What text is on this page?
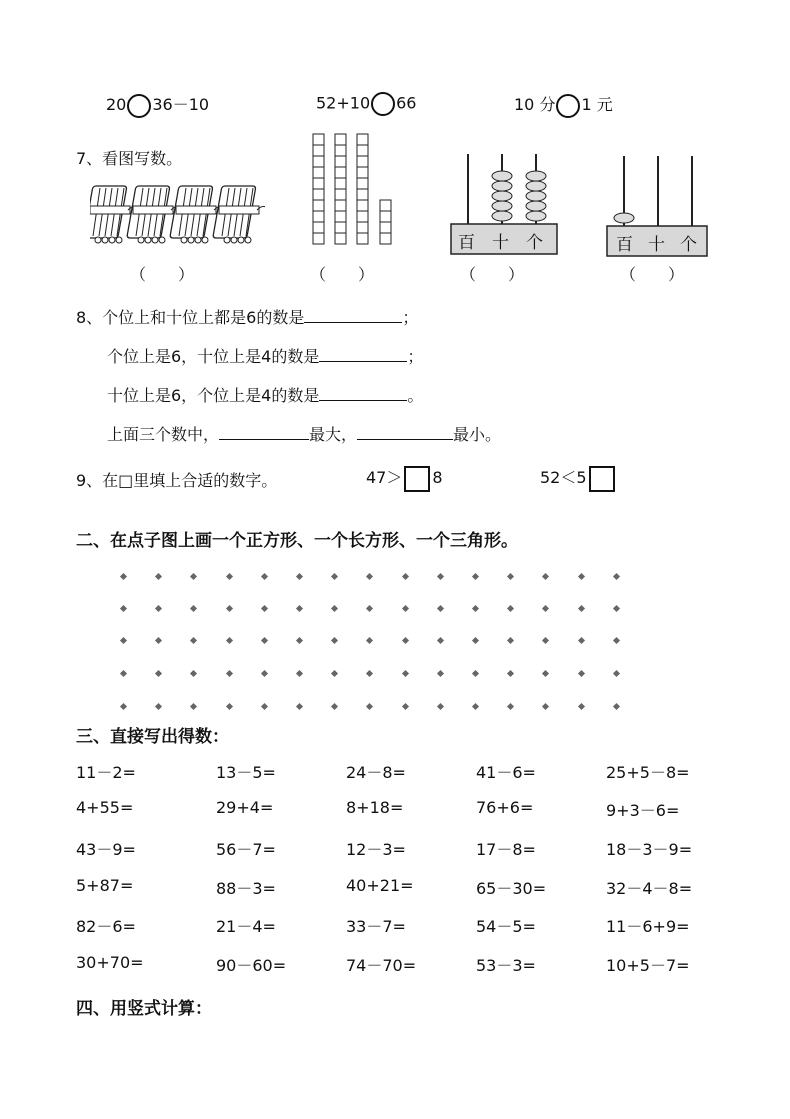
20 36－10	52+10 66	10 分 1 元
7、看图写数。
百 十 个	百 十 个
（　　）	（　　）	（　　）	（　　）
8、个位上和十位上都是6的数是	；
个位上是6，十位上是4的数是	；
十位上是6，个位上是4的数是	。
上面三个数中，	最大，	最小。
9、在□里填上合适的数字。	47＞ 8	52＜5
二、在点子图上画一个正方形、一个长方形、一个三角形。
三、直接写出得数：
11－2=	13－5=	24－8=	41－6=	25+5－8=
4+55=	29+4=	8+18=	76+6=	9+3－6=
43－9=	56－7=	12－3=	17－8=	18－3－9=
5+87=	88－3=	40+21=	65－30=	32－4－8=
82－6=	21－4=	33－7=	54－5=	11－6+9=
30+70=	90－60=	74－70=	53－3=	10+5－7=
四、用竖式计算：
